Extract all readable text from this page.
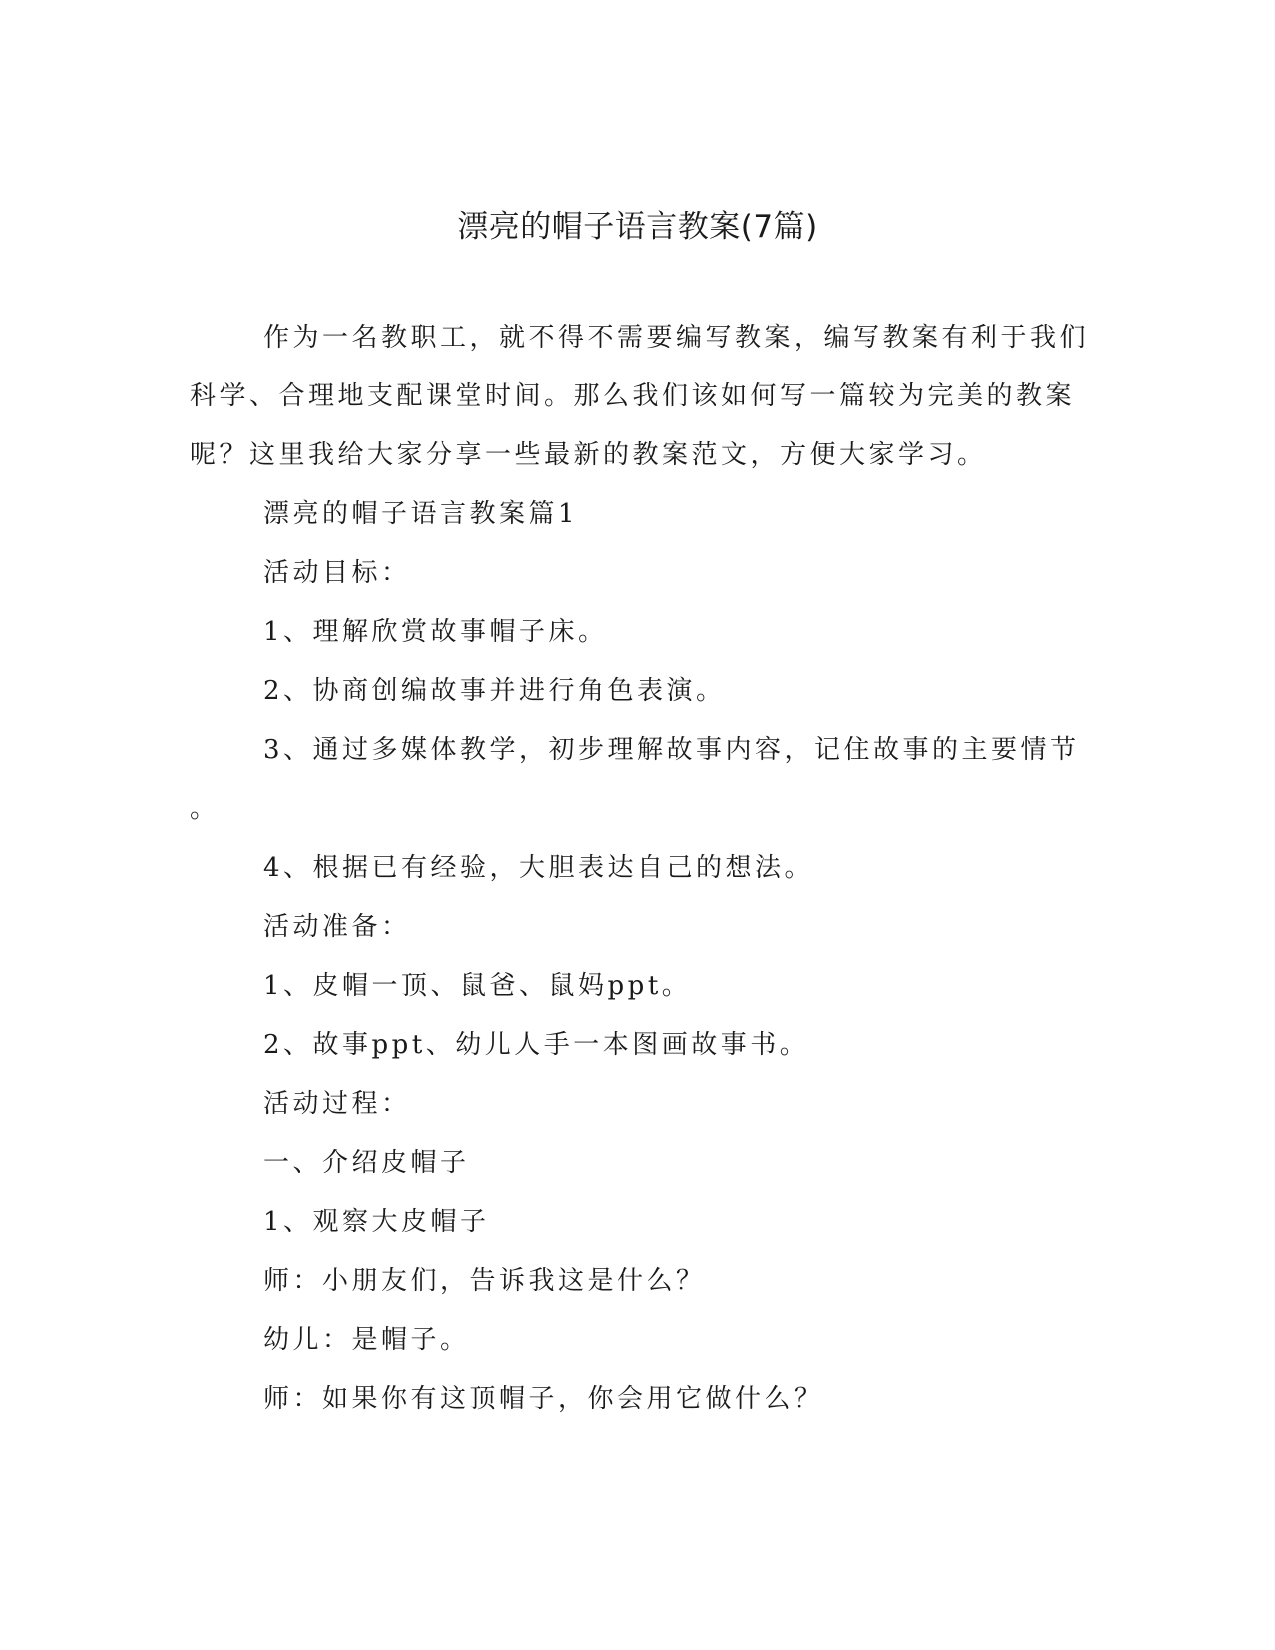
漂亮的帽子语言教案(7篇)

作为一名教职工，就不得不需要编写教案，编写教案有利于我们

科学、合理地支配课堂时间。那么我们该如何写一篇较为完美的教案

呢？这里我给大家分享一些最新的教案范文，方便大家学习。

漂亮的帽子语言教案篇1

活动目标：

1、理解欣赏故事帽子床。

2、协商创编故事并进行角色表演。

3、通过多媒体教学，初步理解故事内容，记住故事的主要情节

。

4、根据已有经验，大胆表达自己的想法。

活动准备：

1、皮帽一顶、鼠爸、鼠妈ppt。

2、故事ppt、幼儿人手一本图画故事书。

活动过程：

一、介绍皮帽子

1、观察大皮帽子

师：小朋友们，告诉我这是什么？

幼儿：是帽子。

师：如果你有这顶帽子，你会用它做什么？
